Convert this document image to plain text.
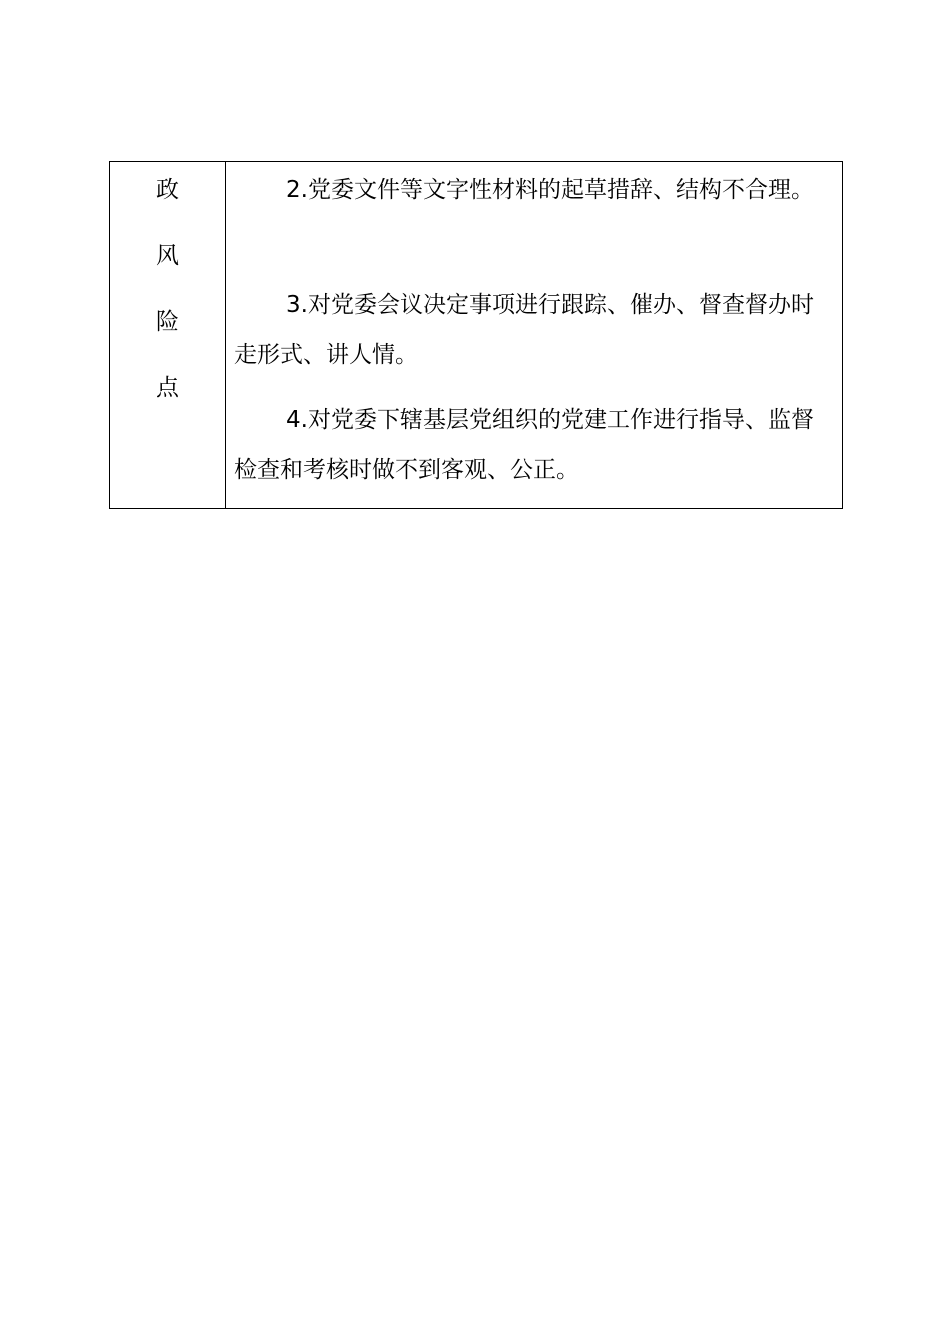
政
风
险
点

2.党委文件等文字性材料的起草措辞、结构不合理。

3.对党委会议决定事项进行跟踪、催办、督查督办时走形式、讲人情。

4.对党委下辖基层党组织的党建工作进行指导、监督检查和考核时做不到客观、公正。
